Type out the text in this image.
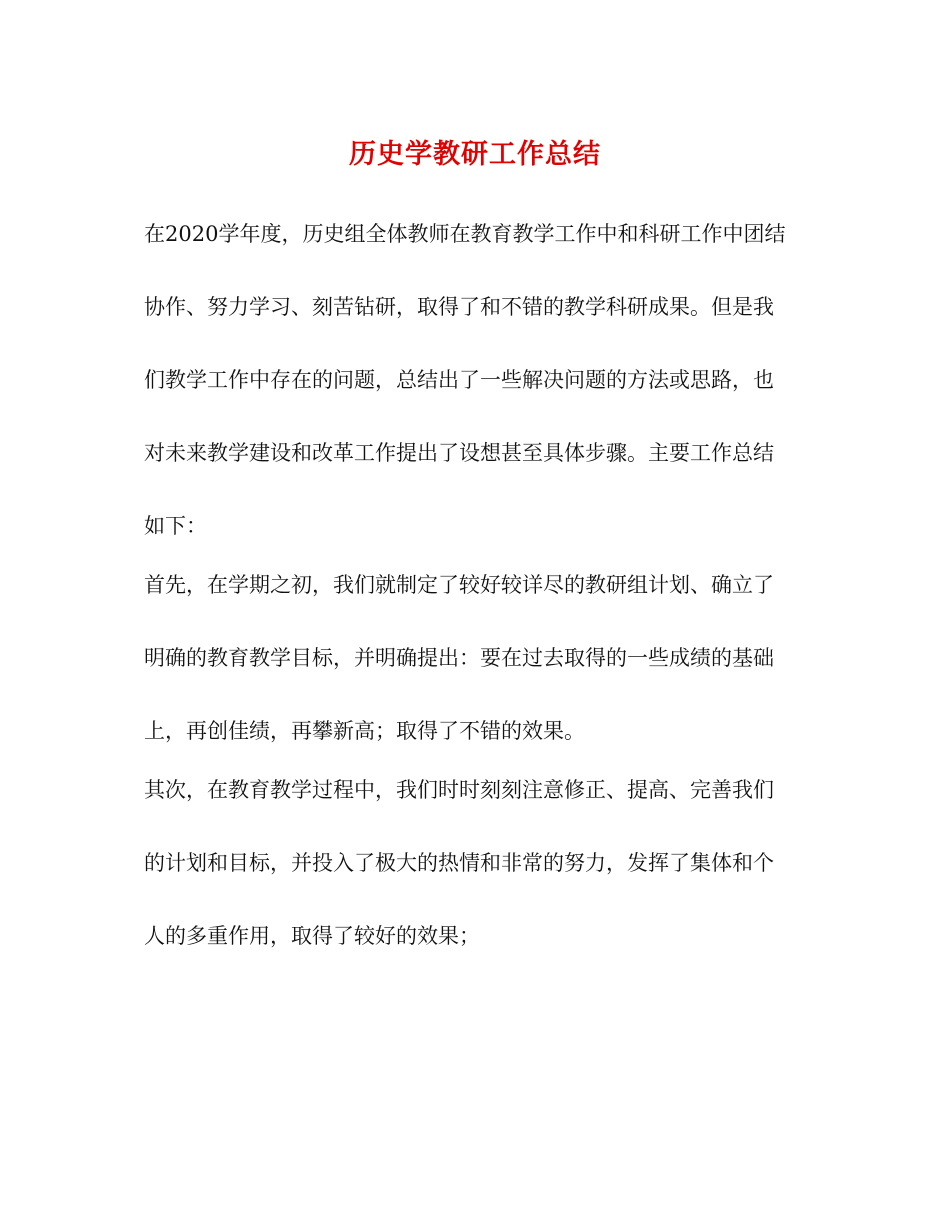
历史学教研工作总结
在2020学年度，历史组全体教师在教育教学工作中和科研工作中团结
协作、努力学习、刻苦钻研，取得了和不错的教学科研成果。但是我
们教学工作中存在的问题，总结出了一些解决问题的方法或思路，也
对未来教学建设和改革工作提出了设想甚至具体步骤。主要工作总结
如下：
首先，在学期之初，我们就制定了较好较详尽的教研组计划、确立了
明确的教育教学目标，并明确提出：要在过去取得的一些成绩的基础
上，再创佳绩，再攀新高；取得了不错的效果。
其次，在教育教学过程中，我们时时刻刻注意修正、提高、完善我们
的计划和目标，并投入了极大的热情和非常的努力，发挥了集体和个
人的多重作用，取得了较好的效果；
